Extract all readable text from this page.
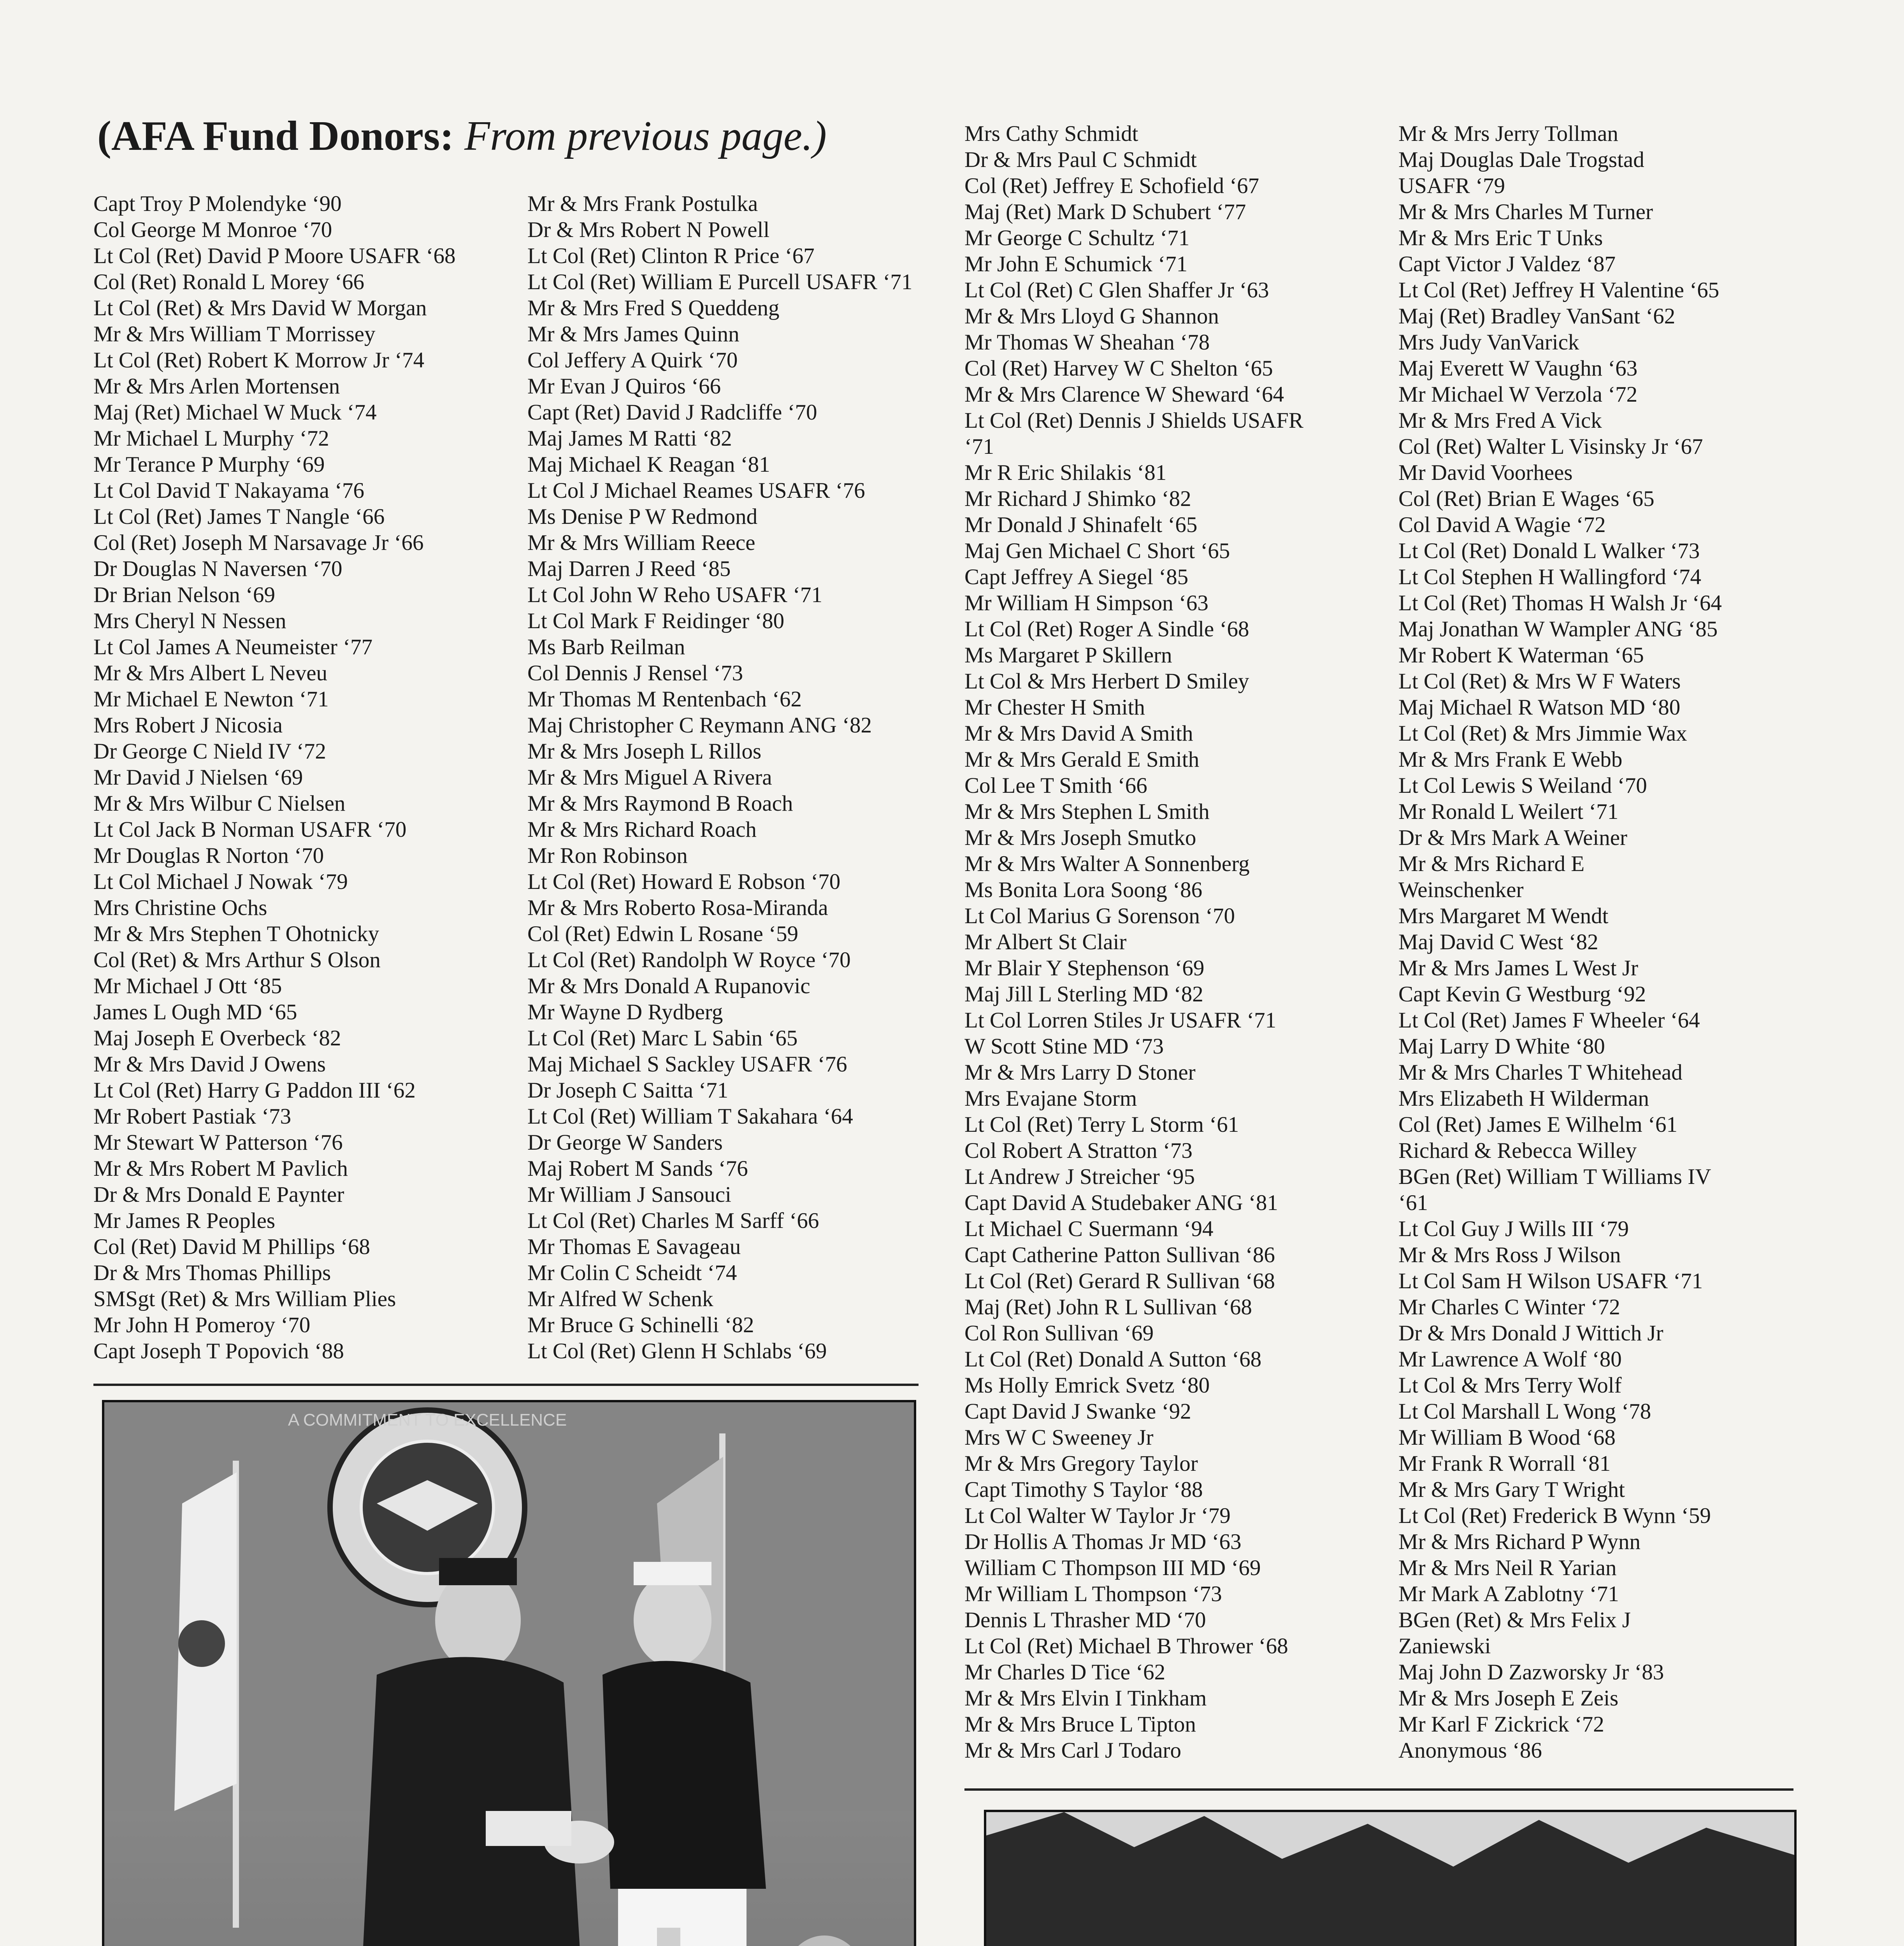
(AFA Fund Donors: From previous page.)
Capt Troy P Molendyke ‘90
Col George M Monroe ‘70
Lt Col (Ret) David P Moore USAFR ‘68
Col (Ret) Ronald L Morey ‘66
Lt Col (Ret) & Mrs David W Morgan
Mr & Mrs William T Morrissey
Lt Col (Ret) Robert K Morrow Jr ‘74
Mr & Mrs Arlen Mortensen
Maj (Ret) Michael W Muck ‘74
Mr Michael L Murphy ‘72
Mr Terance P Murphy ‘69
Lt Col David T Nakayama ‘76
Lt Col (Ret) James T Nangle ‘66
Col (Ret) Joseph M Narsavage Jr ‘66
Dr Douglas N Naversen ‘70
Dr Brian Nelson ‘69
Mrs Cheryl N Nessen
Lt Col James A Neumeister ‘77
Mr & Mrs Albert L Neveu
Mr Michael E Newton ‘71
Mrs Robert J Nicosia
Dr George C Nield IV ‘72
Mr David J Nielsen ‘69
Mr & Mrs Wilbur C Nielsen
Lt Col Jack B Norman USAFR ‘70
Mr Douglas R Norton ‘70
Lt Col Michael J Nowak ‘79
Mrs Christine Ochs
Mr & Mrs Stephen T Ohotnicky
Col (Ret) & Mrs Arthur S Olson
Mr Michael J Ott ‘85
James L Ough MD ‘65
Maj Joseph E Overbeck ‘82
Mr & Mrs David J Owens
Lt Col (Ret) Harry G Paddon III ‘62
Mr Robert Pastiak ‘73
Mr Stewart W Patterson ‘76
Mr & Mrs Robert M Pavlich
Dr & Mrs Donald E Paynter
Mr James R Peoples
Col (Ret) David M Phillips ‘68
Dr & Mrs Thomas Phillips
SMSgt (Ret) & Mrs William Plies
Mr John H Pomeroy ‘70
Capt Joseph T Popovich ‘88
Mr & Mrs Frank Postulka
Dr & Mrs Robert N Powell
Lt Col (Ret) Clinton R Price ‘67
Lt Col (Ret) William E Purcell USAFR ‘71
Mr & Mrs Fred S Queddeng
Mr & Mrs James Quinn
Col Jeffery A Quirk ‘70
Mr Evan J Quiros ‘66
Capt (Ret) David J Radcliffe ‘70
Maj James M Ratti ‘82
Maj Michael K Reagan ‘81
Lt Col J Michael Reames USAFR ‘76
Ms Denise P W Redmond
Mr & Mrs William Reece
Maj Darren J Reed ‘85
Lt Col John W Reho USAFR ‘71
Lt Col Mark F Reidinger ‘80
Ms Barb Reilman
Col Dennis J Rensel ‘73
Mr Thomas M Rentenbach ‘62
Maj Christopher C Reymann ANG ‘82
Mr & Mrs Joseph L Rillos
Mr & Mrs Miguel A Rivera
Mr & Mrs Raymond B Roach
Mr & Mrs Richard Roach
Mr Ron Robinson
Lt Col (Ret) Howard E Robson ‘70
Mr & Mrs Roberto Rosa-Miranda
Col (Ret) Edwin L Rosane ‘59
Lt Col (Ret) Randolph W Royce ‘70
Mr & Mrs Donald A Rupanovic
Mr Wayne D Rydberg
Lt Col (Ret) Marc L Sabin ‘65
Maj Michael S Sackley USAFR ‘76
Dr Joseph C Saitta ‘71
Lt Col (Ret) William T Sakahara ‘64
Dr George W Sanders
Maj Robert M Sands ‘76
Mr William J Sansouci
Lt Col (Ret) Charles M Sarff ‘66
Mr Thomas E Savageau
Mr Colin C Scheidt ‘74
Mr Alfred W Schenk
Mr Bruce G Schinelli ‘82
Lt Col (Ret) Glenn H Schlabs ‘69
Mrs Cathy Schmidt
Dr & Mrs Paul C Schmidt
Col (Ret) Jeffrey E Schofield ‘67
Maj (Ret) Mark D Schubert ‘77
Mr George C Schultz ‘71
Mr John E Schumick ‘71
Lt Col (Ret) C Glen Shaffer Jr ‘63
Mr & Mrs Lloyd G Shannon
Mr Thomas W Sheahan ‘78
Col (Ret) Harvey W C Shelton ‘65
Mr & Mrs Clarence W Sheward ‘64
Lt Col (Ret) Dennis J Shields USAFR
‘71
Mr R Eric Shilakis ‘81
Mr Richard J Shimko ‘82
Mr Donald J Shinafelt ‘65
Maj Gen Michael C Short ‘65
Capt Jeffrey A Siegel ‘85
Mr William H Simpson ‘63
Lt Col (Ret) Roger A Sindle ‘68
Ms Margaret P Skillern
Lt Col & Mrs Herbert D Smiley
Mr Chester H Smith
Mr & Mrs David A Smith
Mr & Mrs Gerald E Smith
Col Lee T Smith ‘66
Mr & Mrs Stephen L Smith
Mr & Mrs Joseph Smutko
Mr & Mrs Walter A Sonnenberg
Ms Bonita Lora Soong ‘86
Lt Col Marius G Sorenson ‘70
Mr Albert St Clair
Mr Blair Y Stephenson ‘69
Maj Jill L Sterling MD ‘82
Lt Col Lorren Stiles Jr USAFR ‘71
W Scott Stine MD ‘73
Mr & Mrs Larry D Stoner
Mrs Evajane Storm
Lt Col (Ret) Terry L Storm ‘61
Col Robert A Stratton ‘73
Lt Andrew J Streicher ‘95
Capt David A Studebaker ANG ‘81
Lt Michael C Suermann ‘94
Capt Catherine Patton Sullivan ‘86
Lt Col (Ret) Gerard R Sullivan ‘68
Maj (Ret) John R L Sullivan ‘68
Col Ron Sullivan ‘69
Lt Col (Ret) Donald A Sutton ‘68
Ms Holly Emrick Svetz ‘80
Capt David J Swanke ‘92
Mrs W C Sweeney Jr
Mr & Mrs Gregory Taylor
Capt Timothy S Taylor ‘88
Lt Col Walter W Taylor Jr ‘79
Dr Hollis A Thomas Jr MD ‘63
William C Thompson III MD ‘69
Mr William L Thompson ‘73
Dennis L Thrasher MD ‘70
Lt Col (Ret) Michael B Thrower ‘68
Mr Charles D Tice ‘62
Mr & Mrs Elvin I Tinkham
Mr & Mrs Bruce L Tipton
Mr & Mrs Carl J Todaro
Mr & Mrs Jerry Tollman
Maj Douglas Dale Trogstad
USAFR ‘79
Mr & Mrs Charles M Turner
Mr & Mrs Eric T Unks
Capt Victor J Valdez ‘87
Lt Col (Ret) Jeffrey H Valentine ‘65
Maj (Ret) Bradley VanSant ‘62
Mrs Judy VanVarick
Maj Everett W Vaughn ‘63
Mr Michael W Verzola ‘72
Mr & Mrs Fred A Vick
Col (Ret) Walter L Visinsky Jr ‘67
Mr David Voorhees
Col (Ret) Brian E Wages ‘65
Col David A Wagie ‘72
Lt Col (Ret) Donald L Walker ‘73
Lt Col Stephen H Wallingford ‘74
Lt Col (Ret) Thomas H Walsh Jr ‘64
Maj Jonathan W Wampler ANG ‘85
Mr Robert K Waterman ‘65
Lt Col (Ret) & Mrs W F Waters
Maj Michael R Watson MD ‘80
Lt Col (Ret) & Mrs Jimmie Wax
Mr & Mrs Frank E Webb
Lt Col Lewis S Weiland ‘70
Mr Ronald L Weilert ‘71
Dr & Mrs Mark A Weiner
Mr & Mrs Richard E
Weinschenker
Mrs Margaret M Wendt
Maj David C West ‘82
Mr & Mrs James L West Jr
Capt Kevin G Westburg ‘92
Lt Col (Ret) James F Wheeler ‘64
Maj Larry D White ‘80
Mr & Mrs Charles T Whitehead
Mrs Elizabeth H Wilderman
Col (Ret) James E Wilhelm ‘61
Richard & Rebecca Willey
BGen (Ret) William T Williams IV
‘61
Lt Col Guy J Wills III ‘79
Mr & Mrs Ross J Wilson
Lt Col Sam H Wilson USAFR ‘71
Mr Charles C Winter ‘72
Dr & Mrs Donald J Wittich Jr
Mr Lawrence A Wolf ‘80
Lt Col & Mrs Terry Wolf
Lt Col Marshall L Wong ‘78
Mr William B Wood ‘68
Mr Frank R Worrall ‘81
Mr & Mrs Gary T Wright
Lt Col (Ret) Frederick B Wynn ‘59
Mr & Mrs Richard P Wynn
Mr & Mrs Neil R Yarian
Mr Mark A Zablotny ‘71
BGen (Ret) & Mrs Felix J
Zaniewski
Maj John D Zazworsky Jr ‘83
Mr & Mrs Joseph E Zeis
Mr Karl F Zickrick ‘72
Anonymous ‘86
A COMMITMENT TO EXCELLENCE
